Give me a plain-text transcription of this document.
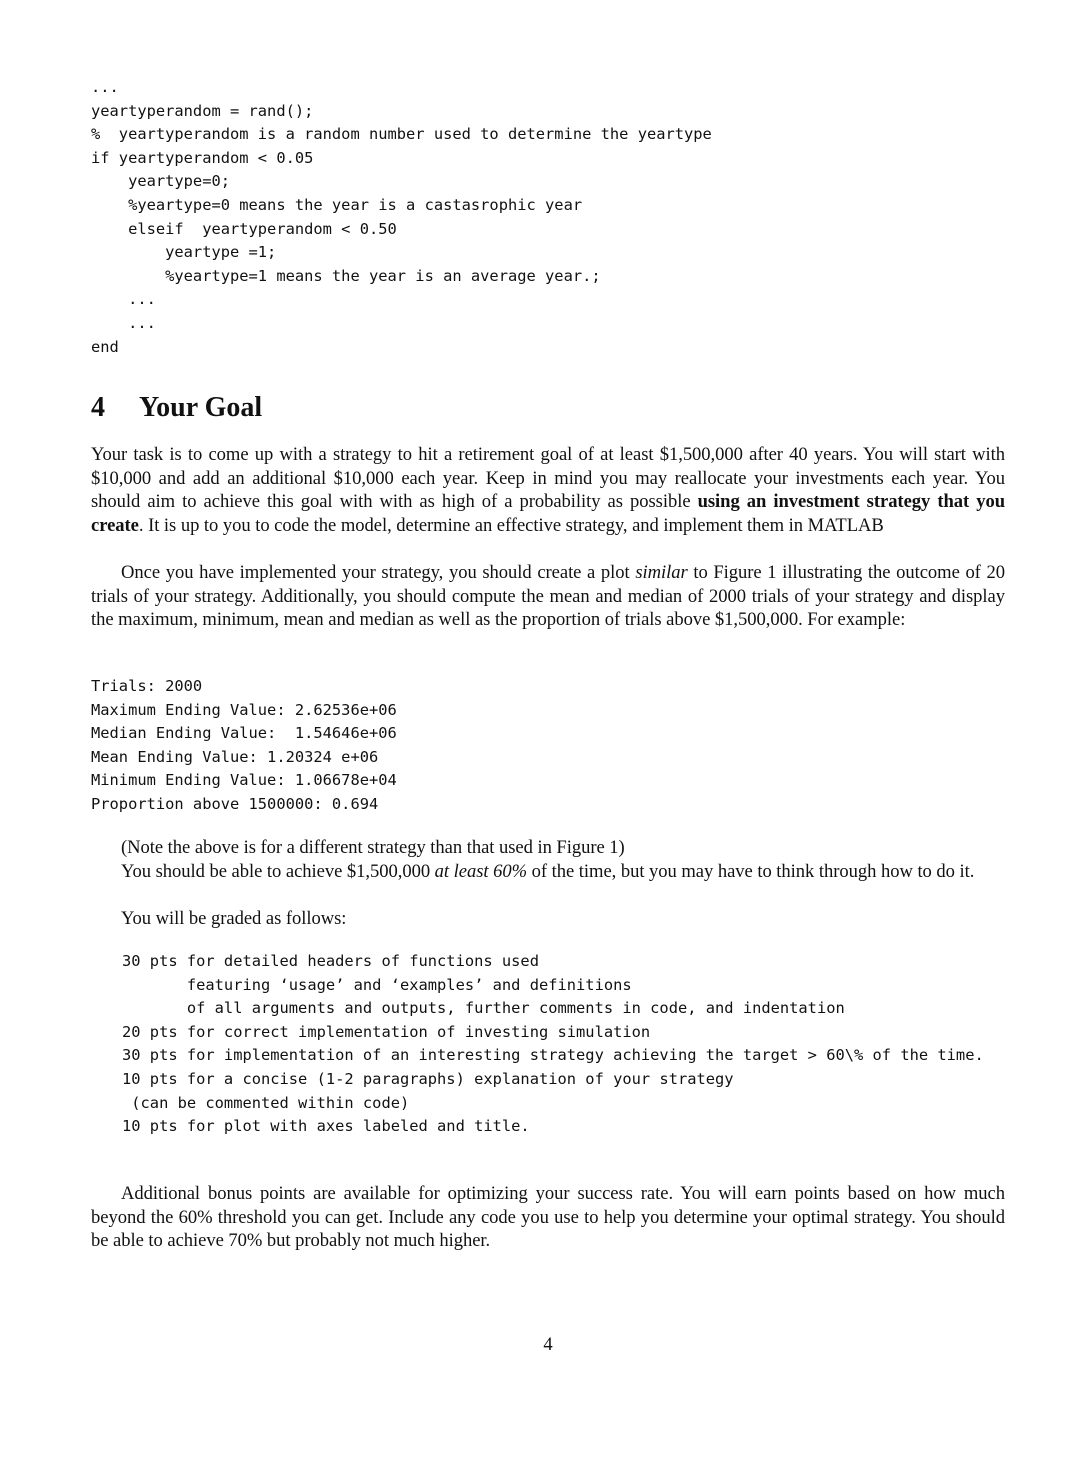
...
yeartyperandom = rand();
%  yeartyperandom is a random number used to determine the yeartype
if yeartyperandom < 0.05
yeartype=0;
%yeartype=0 means the year is a castasrophic year
elseif  yeartyperandom < 0.50
yeartype =1;
%yeartype=1 means the year is an average year.;
...
...
end
4 Your Goal

Your task is to come up with a strategy to hit a retirement goal of at least $1,500,000 after 40 years. You will start with $10,000 and add an additional $10,000 each year. Keep in mind you may reallocate your investments each year. You should aim to achieve this goal with with as high of a probability as possible using an investment strategy that you create. It is up to you to code the model, determine an effective strategy, and implement them in MATLAB

Once you have implemented your strategy, you should create a plot similar to Figure 1 illustrating the outcome of 20 trials of your strategy. Additionally, you should compute the mean and median of 2000 trials of your strategy and display the maximum, minimum, mean and median as well as the proportion of trials above $1,500,000. For example:

Trials: 2000
Maximum Ending Value: 2.62536e+06
Median Ending Value:  1.54646e+06
Mean Ending Value: 1.20324 e+06
Minimum Ending Value: 1.06678e+04
Proportion above 1500000: 0.694

(Note the above is for a different strategy than that used in Figure 1)

You should be able to achieve $1,500,000 at least 60% of the time, but you may have to think through how to do it.

You will be graded as follows:

30 pts for detailed headers of functions used
featuring ‘usage’ and ‘examples’ and definitions
of all arguments and outputs, further comments in code, and indentation
20 pts for correct implementation of investing simulation
30 pts for implementation of an interesting strategy achieving the target > 60\% of the time.
10 pts for a concise (1-2 paragraphs) explanation of your strategy
(can be commented within code)
10 pts for plot with axes labeled and title.

Additional bonus points are available for optimizing your success rate. You will earn points based on how much beyond the 60% threshold you can get. Include any code you use to help you determine your optimal strategy. You should be able to achieve 70% but probably not much higher.

4
